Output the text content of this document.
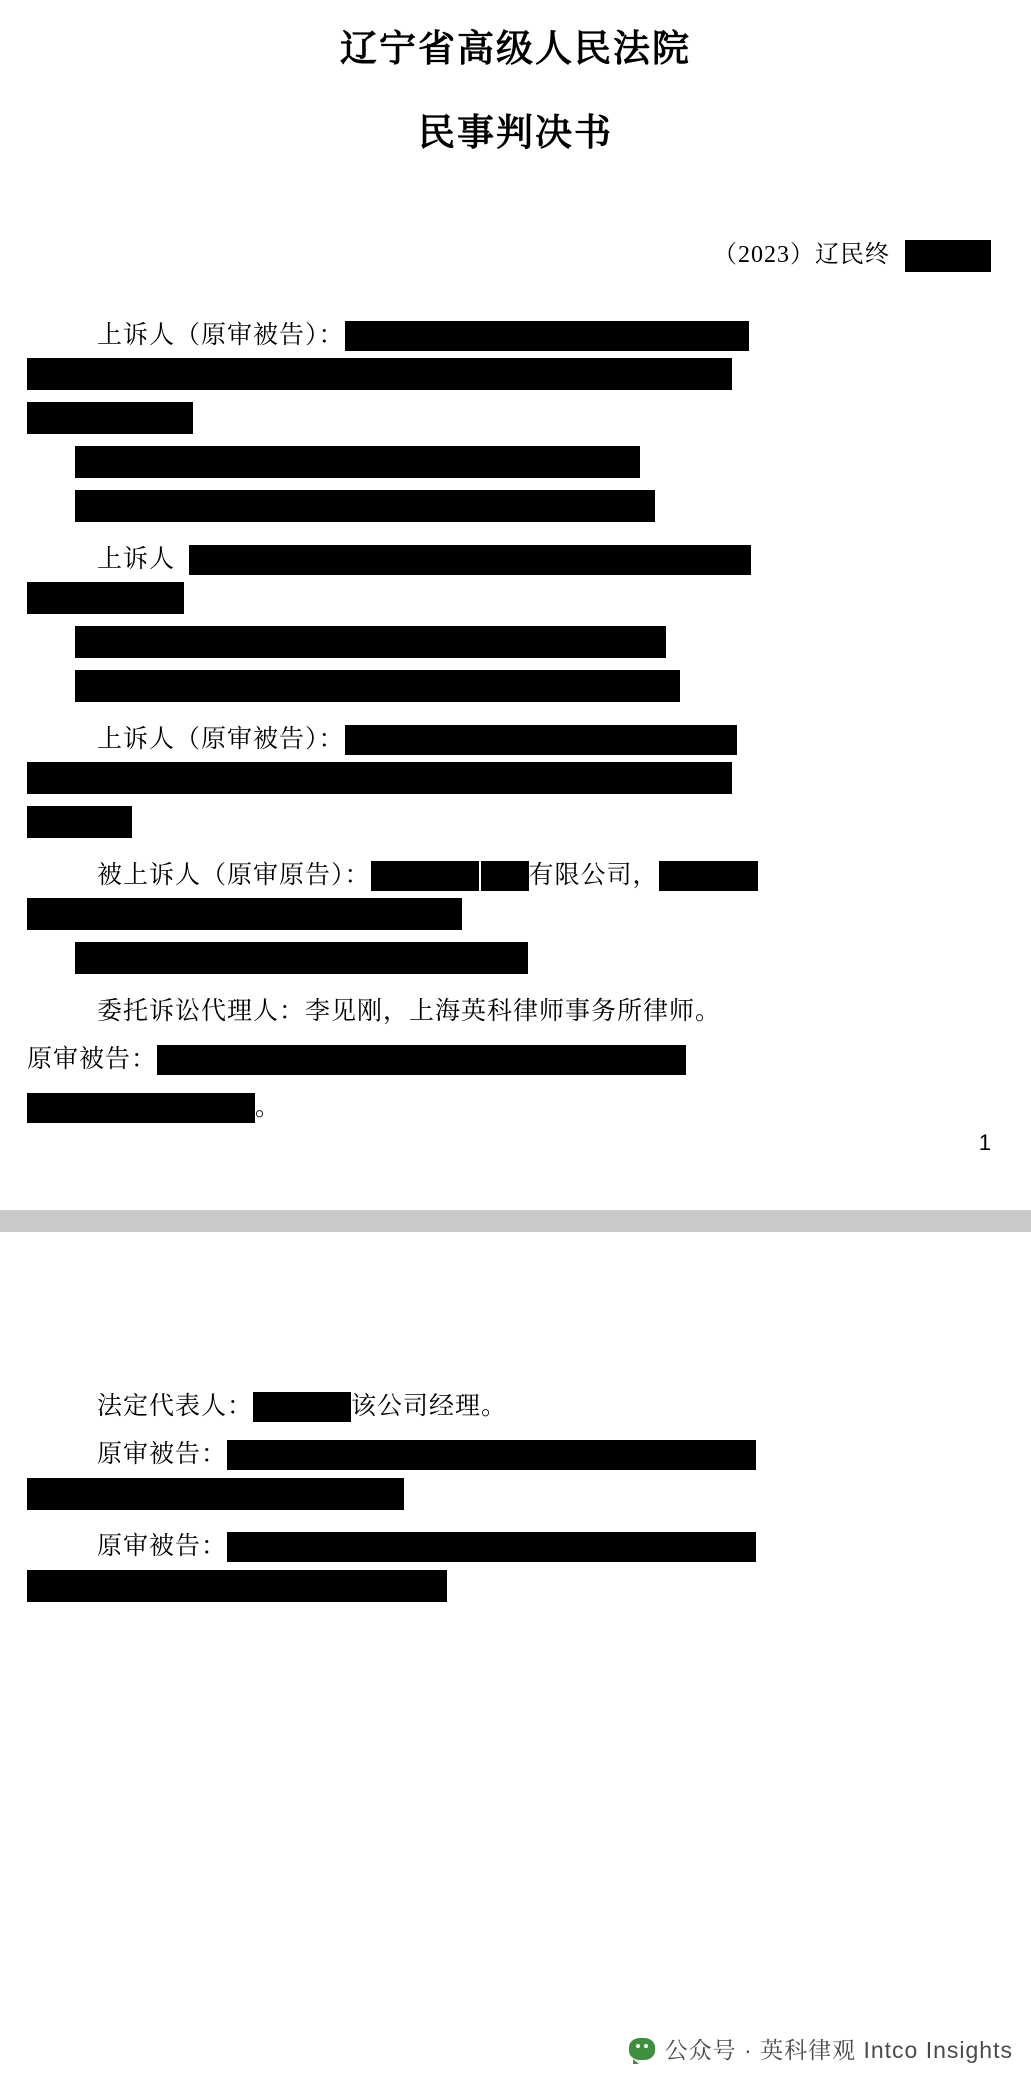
辽宁省高级人民法院
民事判决书
（2023）辽民终
上诉人（原审被告）：
上诉人
上诉人（原审被告）：
被上诉人（原审原告）：	有限公司，
委托诉讼代理人：李见刚，上海英科律师事务所律师。
原审被告：
。
1
法定代表人：	该公司经理。
原审被告：
原审被告：
公众号 · 英科律观 Intco Insights
